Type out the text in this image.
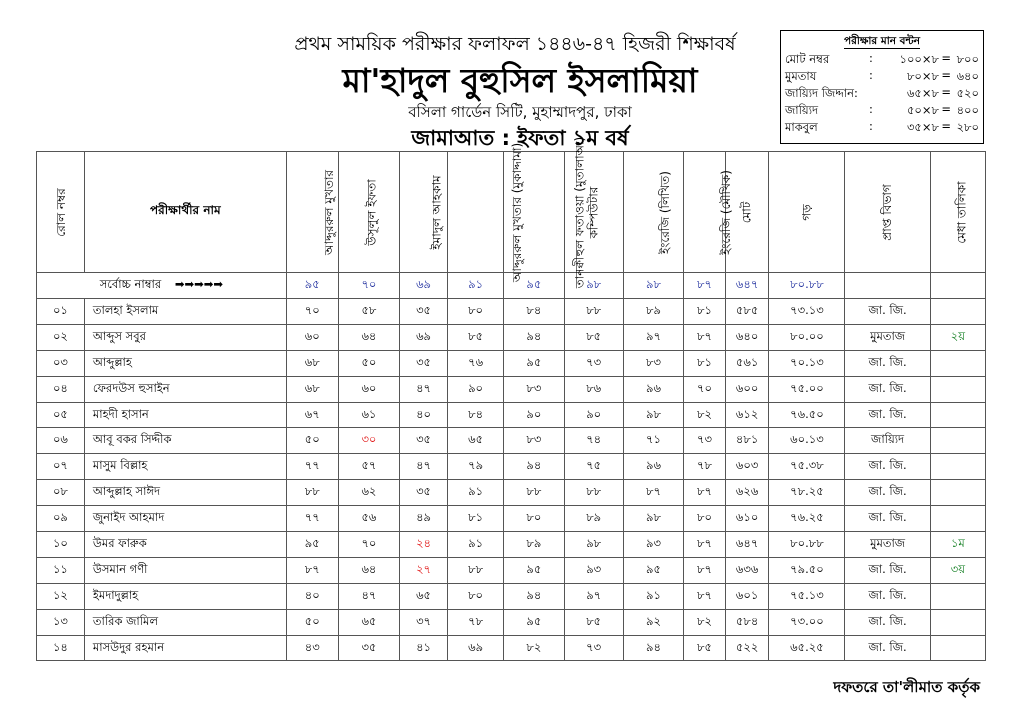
প্রথম সাময়িক পরীক্ষার ফলাফল ১৪৪৬-৪৭ হিজরী শিক্ষাবর্ষ
মা'হাদুল বুহুসিল ইসলামিয়া
বসিলা গার্ডেন সিটি, মুহাম্মাদপুর, ঢাকা
জামাআত : ইফতা ১ম বর্ষ
পরীক্ষার মান বন্টন
মোট নম্বর	: ১০০×৮ = ৮০০
মুমতায	:	৮০×৮ = ৬৪০
জায়্যিদ জিদ্দান:	৬৫×৮ = ৫২০
জায়্যিদ	:	৫০×৮ = ৪০০
মাকবুল	:	৩৫×৮ = ২৮০
রোল নম্বর	পরীক্ষার্থীর নাম	আদ্দুররুল মুখতার	উসূলুল ইফতা	ইমাদুল আহকাম	আদ্দুররুল মুখতার (মুকাদ্দামা)	তানক্বীহুল ফতাওয়া (মুতালাআ)	কম্পিউটার	ইংরেজি (লিখিত)	ইংরেজি (মৌখিক)	মোট	গড়	প্রাপ্ত বিভাগ	মেধা তালিকা
সর্বোচ্চ নাম্বার ➡➡➡➡➡		৯৫	৭০	৬৯	৯১	৯৫	৯৮	৯৮	৮৭	৬৪৭	৮০.৮৮		
০১	তালহা ইসলাম	৭০	৫৮	৩৫	৮০	৮৪	৮৮	৮৯	৮১	৫৮৫	৭৩.১৩	জা. জি.	
০২	আব্দুস সবুর	৬০	৬৪	৬৯	৮৫	৯৪	৮৫	৯৭	৮৭	৬৪০	৮০.০০	মুমতাজ	২য়
০৩	আব্দুল্লাহ	৬৮	৫০	৩৫	৭৬	৯৫	৭৩	৮৩	৮১	৫৬১	৭০.১৩	জা. জি.	
০৪	ফেরদউস হুসাইন	৬৮	৬০	৪৭	৯০	৮৩	৮৬	৯৬	৭০	৬০০	৭৫.০০	জা. জি.	
০৫	মাহদী হাসান	৬৭	৬১	৪০	৮৪	৯০	৯০	৯৮	৮২	৬১২	৭৬.৫০	জা. জি.	
০৬	আবূ বকর সিদ্দীক	৫০	৩০	৩৫	৬৫	৮৩	৭৪	৭১	৭৩	৪৮১	৬০.১৩	জায়্যিদ	
০৭	মাসুম বিল্লাহ	৭৭	৫৭	৪৭	৭৯	৯৪	৭৫	৯৬	৭৮	৬০৩	৭৫.৩৮	জা. জি.	
০৮	আব্দুল্লাহ সাঈদ	৮৮	৬২	৩৫	৯১	৮৮	৮৮	৮৭	৮৭	৬২৬	৭৮.২৫	জা. জি.	
০৯	জুনাইদ আহমাদ	৭৭	৫৬	৪৯	৮১	৮০	৮৯	৯৮	৮০	৬১০	৭৬.২৫	জা. জি.	
১০	উমর ফারুক	৯৫	৭০	২৪	৯১	৮৯	৯৮	৯৩	৮৭	৬৪৭	৮০.৮৮	মুমতাজ	১ম
১১	উসমান গণী	৮৭	৬৪	২৭	৮৮	৯৫	৯৩	৯৫	৮৭	৬৩৬	৭৯.৫০	জা. জি.	৩য়
১২	ইমদাদুল্লাহ	৪০	৪৭	৬৫	৮০	৯৪	৯৭	৯১	৮৭	৬০১	৭৫.১৩	জা. জি.	
১৩	তারিক জামিল	৫০	৬৫	৩৭	৭৮	৯৫	৮৫	৯২	৮২	৫৮৪	৭৩.০০	জা. জি.	
১৪	মাসউদুর রহমান	৪৩	৩৫	৪১	৬৯	৮২	৭৩	৯৪	৮৫	৫২২	৬৫.২৫	জা. জি.	
দফতরে তা'লীমাত কর্তৃক
